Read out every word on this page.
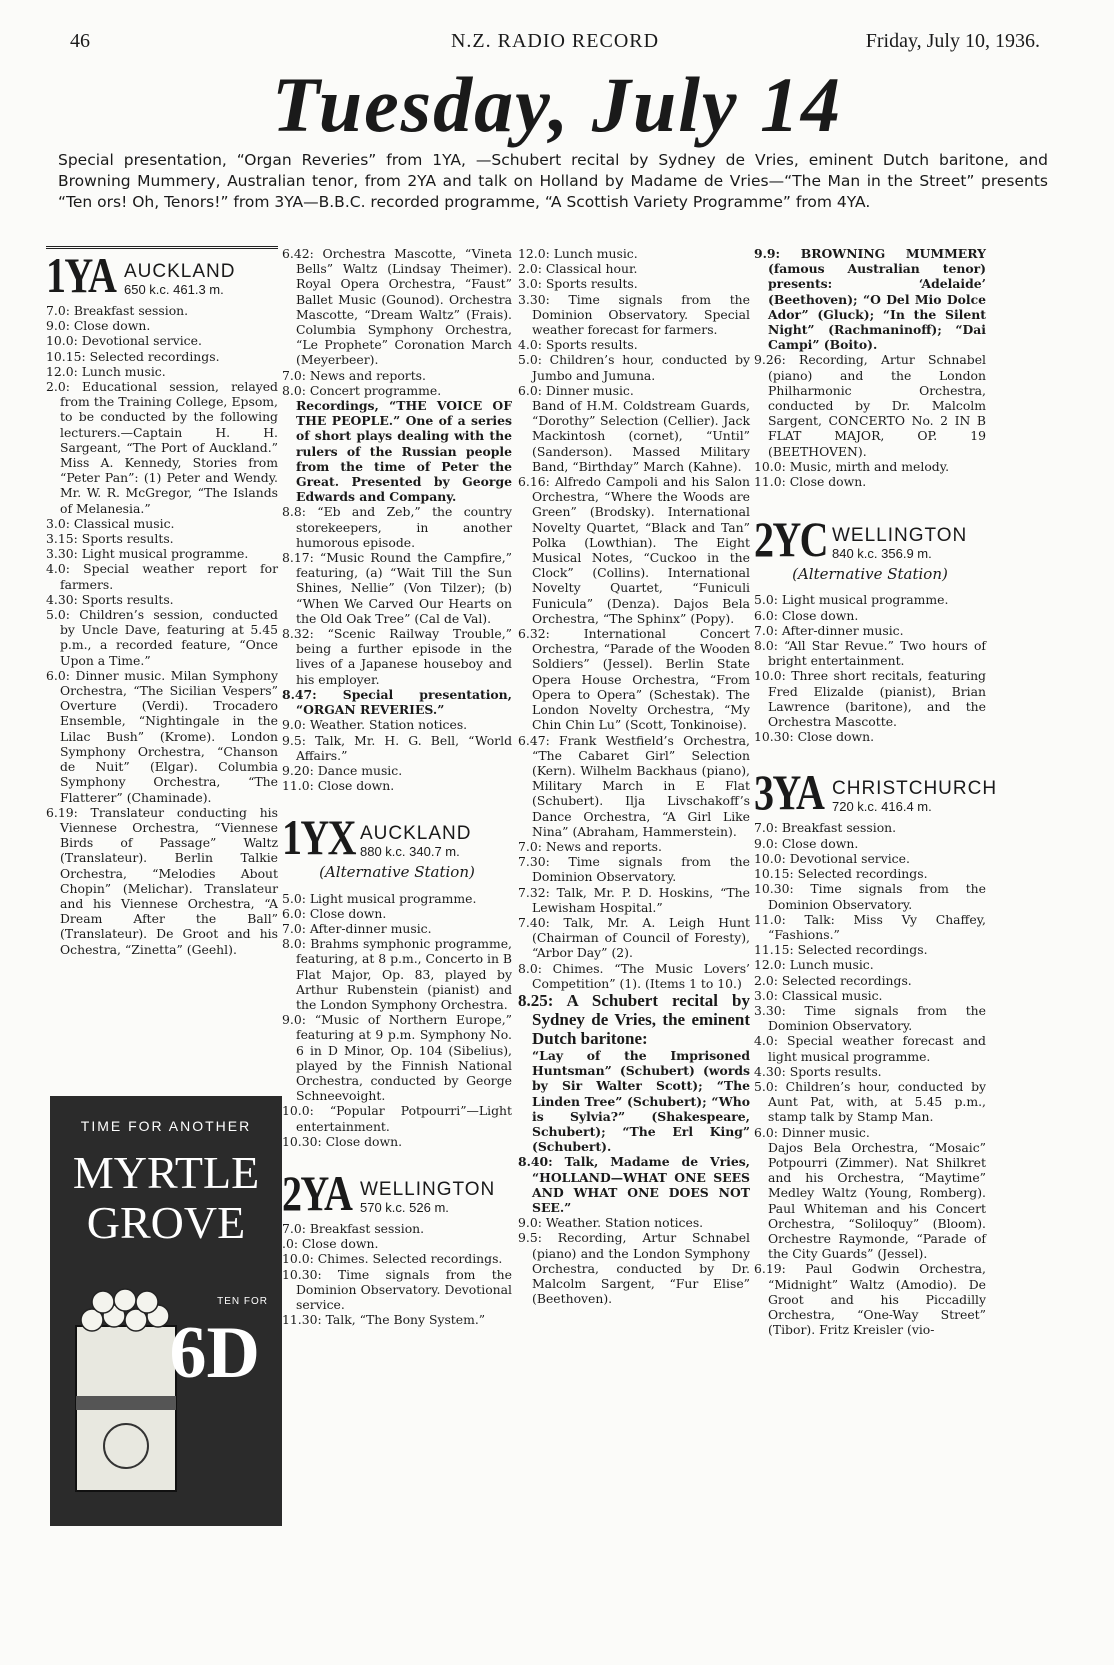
46	N.Z. RADIO RECORD	Friday, July 10, 1936.
Tuesday, July 14
Special presentation, “Organ Reveries” from 1YA, —Schubert recital by Sydney de Vries, eminent Dutch baritone, and Browning Mummery, Australian tenor, from 2YA and talk on Holland by Madame de Vries—“The Man in the Street” presents “Ten ors! Oh, Tenors!” from 3YA—B.B.C. recorded programme, “A Scottish Variety Programme” from 4YA.
1YA AUCKLAND
650 k.c. 461.3 m.

7.0: Breakfast session.

9.0: Close down.

10.0: Devotional service.

10.15: Selected recordings.

12.0: Lunch music.

2.0: Educational session, relayed from the Training College, Epsom, to be conducted by the following lecturers.—Captain H. H. Sargeant, “The Port of Auckland.” Miss A. Kennedy, Stories from “Peter Pan”: (1) Peter and Wendy. Mr. W. R. McGregor, “The Islands of Melanesia.”

3.0: Classical music.

3.15: Sports results.

3.30: Light musical programme.

4.0: Special weather report for farmers.

4.30: Sports results.

5.0: Children’s session, conducted by Uncle Dave, featuring at 5.45 p.m., a recorded feature, “Once Upon a Time.”

6.0: Dinner music. Milan Symphony Orchestra, “The Sicilian Vespers” Overture (Verdi). Trocadero Ensemble, “Nightingale in the Lilac Bush” (Krome). London Symphony Orchestra, “Chanson de Nuit” (Elgar). Columbia Symphony Orchestra, “The Flatterer” (Chaminade).

6.19: Translateur conducting his Viennese Orchestra, “Viennese Birds of Passage” Waltz (Translateur). Berlin Talkie Orchestra, “Melodies About Chopin” (Melichar). Translateur and his Viennese Orchestra, “A Dream After the Ball” (Translateur). De Groot and his Ochestra, “Zinetta” (Geehl).

TIME FOR ANOTHER
MYRTLE
GROVE
TEN FOR
6D

6.42: Orchestra Mascotte, “Vineta Bells” Waltz (Lindsay Theimer). Royal Opera Orchestra, “Faust” Ballet Music (Gounod). Orchestra Mascotte, “Dream Waltz” (Frais). Columbia Symphony Orchestra, “Le Prophete” Coronation March (Meyerbeer).

7.0: News and reports.

8.0: Concert programme.

Recordings, “THE VOICE OF THE PEOPLE.” One of a series of short plays dealing with the rulers of the Russian people from the time of Peter the Great. Presented by George Edwards and Company.

8.8: “Eb and Zeb,” the country storekeepers, in another humorous episode.

8.17: “Music Round the Campfire,” featuring, (a) “Wait Till the Sun Shines, Nellie” (Von Tilzer); (b) “When We Carved Our Hearts on the Old Oak Tree” (Cal de Val).

8.32: “Scenic Railway Trouble,” being a further episode in the lives of a Japanese houseboy and his employer.

8.47: Special presentation, “ORGAN REVERIES.”

9.0: Weather. Station notices.

9.5: Talk, Mr. H. G. Bell, “World Affairs.”

9.20: Dance music.

11.0: Close down.

1YX AUCKLAND
880 k.c. 340.7 m.
(Alternative Station)

5.0: Light musical programme.

6.0: Close down.

7.0: After-dinner music.

8.0: Brahms symphonic programme, featuring, at 8 p.m., Concerto in B Flat Major, Op. 83, played by Arthur Rubenstein (pianist) and the London Symphony Orchestra.

9.0: “Music of Northern Europe,” featuring at 9 p.m. Symphony No. 6 in D Minor, Op. 104 (Sibelius), played by the Finnish National Orchestra, conducted by George Schneevoight.

10.0: “Popular Potpourri”—Light entertainment.

10.30: Close down.

2YA WELLINGTON
570 k.c. 526 m.

7.0: Breakfast session.

.0: Close down.

10.0: Chimes. Selected recordings.

10.30: Time signals from the Dominion Observatory. Devotional service.

11.30: Talk, “The Bony System.”

12.0: Lunch music.

2.0: Classical hour.

3.0: Sports results.

3.30: Time signals from the Dominion Observatory. Special weather forecast for farmers.

4.0: Sports results.

5.0: Children’s hour, conducted by Jumbo and Jumuna.

6.0: Dinner music.

Band of H.M. Coldstream Guards, “Dorothy” Selection (Cellier). Jack Mackintosh (cornet), “Until” (Sanderson). Massed Military Band, “Birthday” March (Kahne).

6.16: Alfredo Campoli and his Salon Orchestra, “Where the Woods are Green” (Brodsky). International Novelty Quartet, “Black and Tan” Polka (Lowthian). The Eight Musical Notes, “Cuckoo in the Clock” (Collins). International Novelty Quartet, “Funiculi Funicula” (Denza). Dajos Bela Orchestra, “The Sphinx” (Popy).

6.32: International Concert Orchestra, “Parade of the Wooden Soldiers” (Jessel). Berlin State Opera House Orchestra, “From Opera to Opera” (Schestak). The London Novelty Orchestra, “My Chin Chin Lu” (Scott, Tonkinoise).

6.47: Frank Westfield’s Orchestra, “The Cabaret Girl” Selection (Kern). Wilhelm Backhaus (piano), Military March in E Flat (Schubert). Ilja Livschakoff’s Dance Orchestra, “A Girl Like Nina” (Abraham, Hammerstein).

7.0: News and reports.

7.30: Time signals from the Dominion Observatory.

7.32: Talk, Mr. P. D. Hoskins, “The Lewisham Hospital.”

7.40: Talk, Mr. A. Leigh Hunt (Chairman of Council of Foresty), “Arbor Day” (2).

8.0: Chimes. “The Music Lovers’ Competition” (1). (Items 1 to 10.)

8.25: A Schubert recital by Sydney de Vries, the eminent Dutch baritone:

“Lay of the Imprisoned Huntsman” (Schubert) (words by Sir Walter Scott); “The Linden Tree” (Schubert); “Who is Sylvia?” (Shakespeare, Schubert); “The Erl King” (Schubert).

8.40: Talk, Madame de Vries, “HOLLAND—WHAT ONE SEES AND WHAT ONE DOES NOT SEE.”

9.0: Weather. Station notices.

9.5: Recording, Artur Schnabel (piano) and the London Symphony Orchestra, conducted by Dr. Malcolm Sargent, “Fur Elise” (Beethoven).

9.9: BROWNING MUMMERY (famous Australian tenor) presents: ‘Adelaide’ (Beethoven); “O Del Mio Dolce Ador” (Gluck); “In the Silent Night” (Rachmaninoff); “Dai Campi” (Boito).

9.26: Recording, Artur Schnabel (piano) and the London Philharmonic Orchestra, conducted by Dr. Malcolm Sargent, CONCERTO No. 2 IN B FLAT MAJOR, OP. 19 (BEETHOVEN).

10.0: Music, mirth and melody.

11.0: Close down.

2YC WELLINGTON
840 k.c. 356.9 m.
(Alternative Station)

5.0: Light musical programme.

6.0: Close down.

7.0: After-dinner music.

8.0: “All Star Revue.” Two hours of bright entertainment.

10.0: Three short recitals, featuring Fred Elizalde (pianist), Brian Lawrence (baritone), and the Orchestra Mascotte.

10.30: Close down.

3YA CHRISTCHURCH
720 k.c. 416.4 m.

7.0: Breakfast session.

9.0: Close down.

10.0: Devotional service.

10.15: Selected recordings.

10.30: Time signals from the Dominion Observatory.

11.0: Talk: Miss Vy Chaffey, “Fashions.”

11.15: Selected recordings.

12.0: Lunch music.

2.0: Selected recordings.

3.0: Classical music.

3.30: Time signals from the Dominion Observatory.

4.0: Special weather forecast and light musical programme.

4.30: Sports results.

5.0: Children’s hour, conducted by Aunt Pat, with, at 5.45 p.m., stamp talk by Stamp Man.

6.0: Dinner music.

Dajos Bela Orchestra, “Mosaic” Potpourri (Zimmer). Nat Shilkret and his Orchestra, “Maytime” Medley Waltz (Young, Romberg). Paul Whiteman and his Concert Orchestra, “Soliloquy” (Bloom). Orchestre Raymonde, “Parade of the City Guards” (Jessel).

6.19: Paul Godwin Orchestra, “Midnight” Waltz (Amodio). De Groot and his Piccadilly Orchestra, “One-Way Street” (Tibor). Fritz Kreisler (vio-
